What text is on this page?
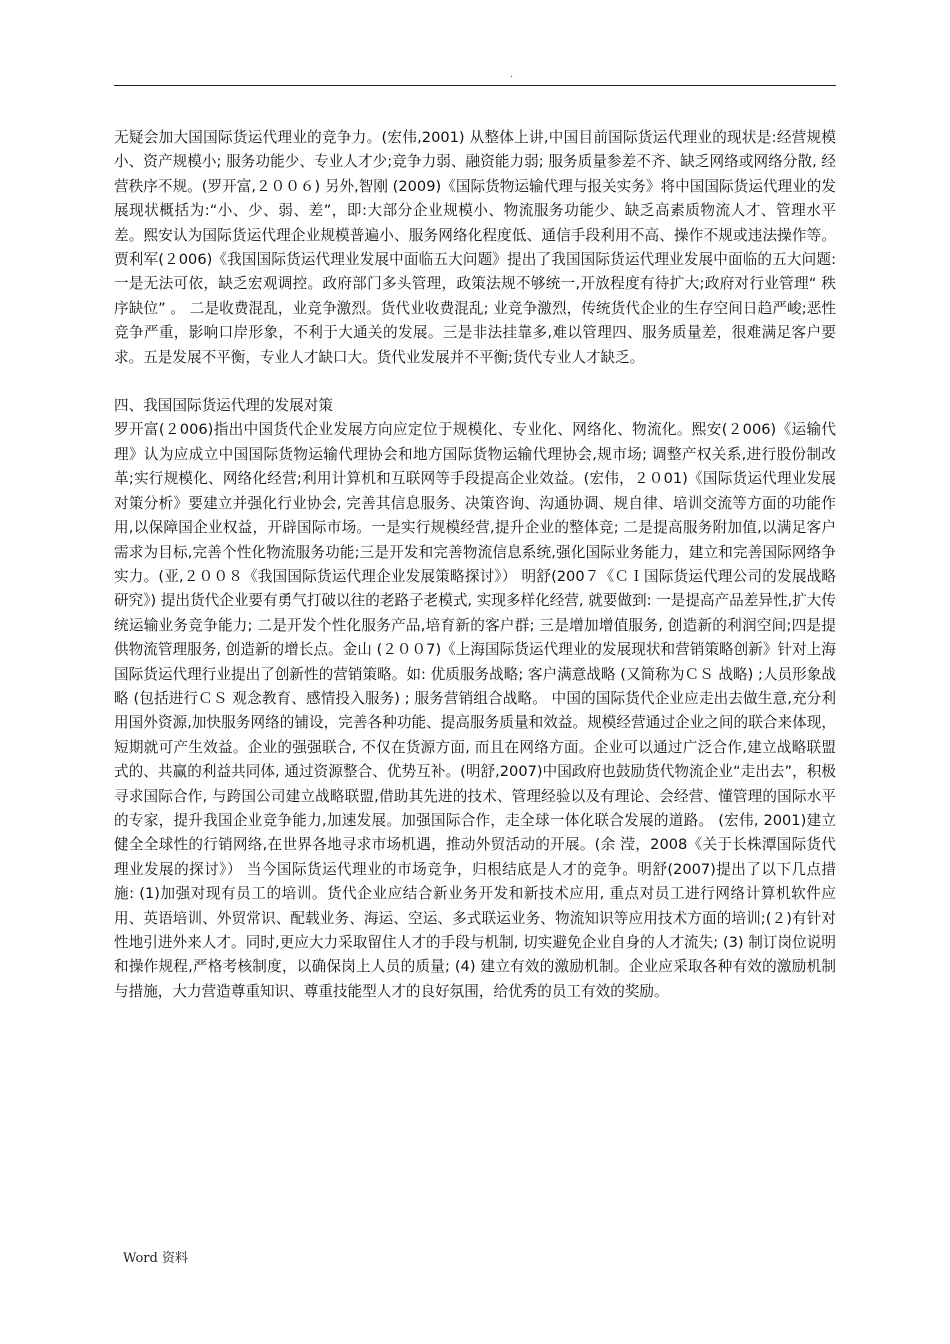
.

无疑会加大国国际货运代理业的竞争力。(宏伟,2001) 从整体上讲,中国目前国际货运代理业的现状是:经营规模小、资产规模小; 服务功能少、专业人才少;竞争力弱、融资能力弱; 服务质量参差不齐、缺乏网络或网络分散, 经营秩序不规。(罗开富,２００６) 另外,智刚 (2009)《国际货物运输代理与报关实务》将中国国际货运代理业的发展现状概括为:“小、少、弱、差”，即:大部分企业规模小、物流服务功能少、缺乏高素质物流人才、管理水平差。熙安认为国际货运代理企业规模普遍小、服务网络化程度低、通信手段利用不高、操作不规或违法操作等。 贾利军(２006)《我国国际货运代理业发展中面临五大问题》提出了我国国际货运代理业发展中面临的五大问题: 一是无法可依，缺乏宏观调控。政府部门多头管理，政策法规不够统一,开放程度有待扩大;政府对行业管理“ 秩序缺位” 。 二是收费混乱，业竞争激烈。货代业收费混乱; 业竞争激烈，传统货代企业的生存空间日趋严峻;恶性竞争严重，影响口岸形象，不利于大通关的发展。三是非法挂靠多,难以管理四、服务质量差，很难满足客户要求。五是发展不平衡，专业人才缺口大。货代业发展并不平衡;货代专业人才缺乏。

四、我国国际货运代理的发展对策

罗开富(２006)指出中国货代企业发展方向应定位于规模化、专业化、网络化、物流化。熙安(２006)《运输代理》认为应成立中国国际货物运输代理协会和地方国际货物运输代理协会,规市场; 调整产权关系,进行股份制改革;实行规模化、网络化经营;利用计算机和互联网等手段提高企业效益。(宏伟，２０01)《国际货运代理业发展对策分析》要建立并强化行业协会, 完善其信息服务、决策咨询、沟通协调、规自律、培训交流等方面的功能作用,以保障国企业权益，开辟国际市场。一是实行规模经营,提升企业的整体竞; 二是提高服务附加值,以满足客户需求为目标,完善个性化物流服务功能;三是开发和完善物流信息系统,强化国际业务能力，建立和完善国际网络争实力。(亚,２００８《我国国际货运代理企业发展策略探讨》） 明舒(200７《ＣＩ国际货运代理公司的发展战略研究》) 提出货代企业要有勇气打破以往的老路子老模式, 实现多样化经营, 就要做到: 一是提高产品差异性,扩大传统运输业务竞争能力; 二是开发个性化服务产品,培育新的客户群; 三是增加增值服务, 创造新的利润空间;四是提供物流管理服务, 创造新的增长点。金山 (２００7)《上海国际货运代理业的发展现状和营销策略创新》针对上海国际货运代理行业提出了创新性的营销策略。如: 优质服务战略; 客户满意战略 (又简称为ＣＳ 战略) ;人员形象战略 (包括进行ＣＳ 观念教育、感情投入服务) ; 服务营销组合战略。 中国的国际货代企业应走出去做生意,充分利用国外资源,加快服务网络的铺设，完善各种功能、提高服务质量和效益。规模经营通过企业之间的联合来体现，短期就可产生效益。企业的强强联合, 不仅在货源方面, 而且在网络方面。企业可以通过广泛合作,建立战略联盟式的、共赢的利益共同体, 通过资源整合、优势互补。(明舒,2007)中国政府也鼓励货代物流企业“走出去”，积极寻求国际合作, 与跨国公司建立战略联盟,借助其先进的技术、管理经验以及有理论、会经营、懂管理的国际水平的专家，提升我国企业竞争能力,加速发展。加强国际合作，走全球一体化联合发展的道路。 (宏伟, 2001)建立健全全球性的行销网络,在世界各地寻求市场机遇，推动外贸活动的开展。(余 滢，2008《关于长株潭国际货代理业发展的探讨》） 当今国际货运代理业的市场竞争，归根结底是人才的竞争。明舒(2007)提出了以下几点措施: (1)加强对现有员工的培训。货代企业应结合新业务开发和新技术应用, 重点对员工进行网络计算机软件应用、英语培训、外贸常识、配载业务、海运、空运、多式联运业务、物流知识等应用技术方面的培训;(２)有针对性地引进外来人才。同时,更应大力采取留住人才的手段与机制, 切实避免企业自身的人才流失; (3) 制订岗位说明和操作规程,严格考核制度，以确保岗上人员的质量; (4) 建立有效的激励机制。企业应采取各种有效的激励机制与措施，大力营造尊重知识、尊重技能型人才的良好氛围，给优秀的员工有效的奖励。

Word 资料
